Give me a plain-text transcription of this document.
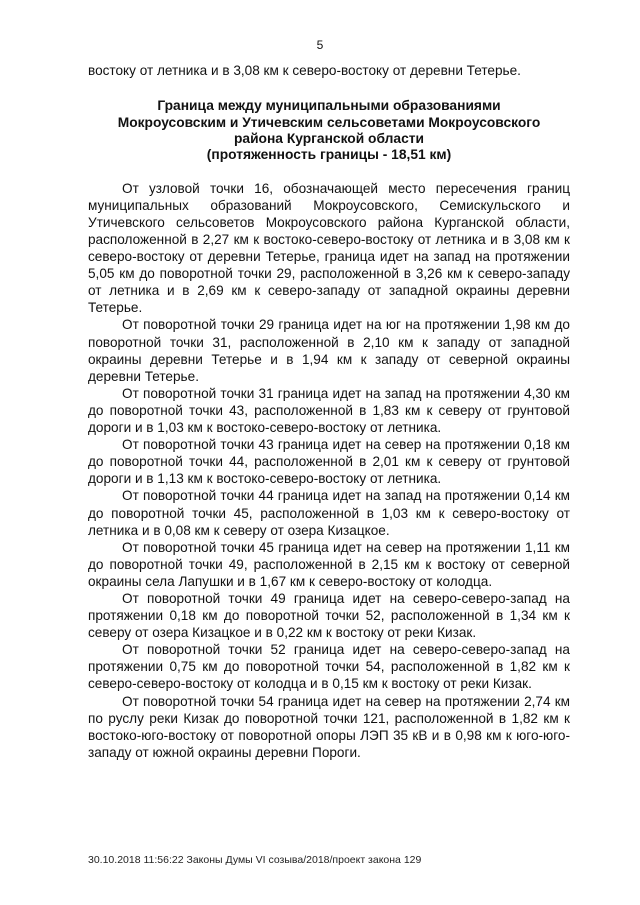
5

востоку от летника и в 3,08 км к северо-востоку от деревни Тетерье.

Граница между муниципальными образованиями
Мокроусовским и Утичевским сельсоветами Мокроусовского
района Курганской области
(протяженность границы - 18,51 км)

От узловой точки 16, обозначающей место пересечения границ муниципальных образований Мокроусовского, Семискульского и Утичевского сельсоветов Мокроусовского района Курганской области, расположенной в 2,27 км к востоко-северо-востоку от летника и в 3,08 км к северо-востоку от деревни Тетерье, граница идет на запад на протяжении 5,05 км до поворотной точки 29, расположенной в 3,26 км к северо-западу от летника и в 2,69 км к северо-западу от западной окраины деревни Тетерье.

От поворотной точки 29 граница идет на юг на протяжении 1,98 км до поворотной точки 31, расположенной в 2,10 км к западу от западной окраины деревни Тетерье и в 1,94 км к западу от северной окраины деревни Тетерье.

От поворотной точки 31 граница идет на запад на протяжении 4,30 км до поворотной точки 43, расположенной в 1,83 км к северу от грунтовой дороги и в 1,03 км к востоко-северо-востоку от летника.

От поворотной точки 43 граница идет на север на протяжении 0,18 км до поворотной точки 44, расположенной в 2,01 км к северу от грунтовой дороги и в 1,13 км к востоко-северо-востоку от летника.

От поворотной точки 44 граница идет на запад на протяжении 0,14 км до поворотной точки 45, расположенной в 1,03 км к северо-востоку от летника и в 0,08 км к северу от озера Кизацкое.

От поворотной точки 45 граница идет на север на протяжении 1,11 км до поворотной точки 49, расположенной в 2,15 км к востоку от северной окраины села Лапушки и в 1,67 км к северо-востоку от колодца.

От поворотной точки 49 граница идет на северо-северо-запад на протяжении 0,18 км до поворотной точки 52, расположенной в 1,34 км к северу от озера Кизацкое и в 0,22 км к востоку от реки Кизак.

От поворотной точки 52 граница идет на северо-северо-запад на протяжении 0,75 км до поворотной точки 54, расположенной в 1,82 км к северо-северо-востоку от колодца и в 0,15 км к востоку от реки Кизак.

От поворотной точки 54 граница идет на север на протяжении 2,74 км по руслу реки Кизак до поворотной точки 121, расположенной в 1,82 км к востоко-юго-востоку от поворотной опоры ЛЭП 35 кВ и в 0,98 км к юго-юго-западу от южной окраины деревни Пороги.

30.10.2018 11:56:22 Законы Думы VI созыва/2018/проект закона 129
